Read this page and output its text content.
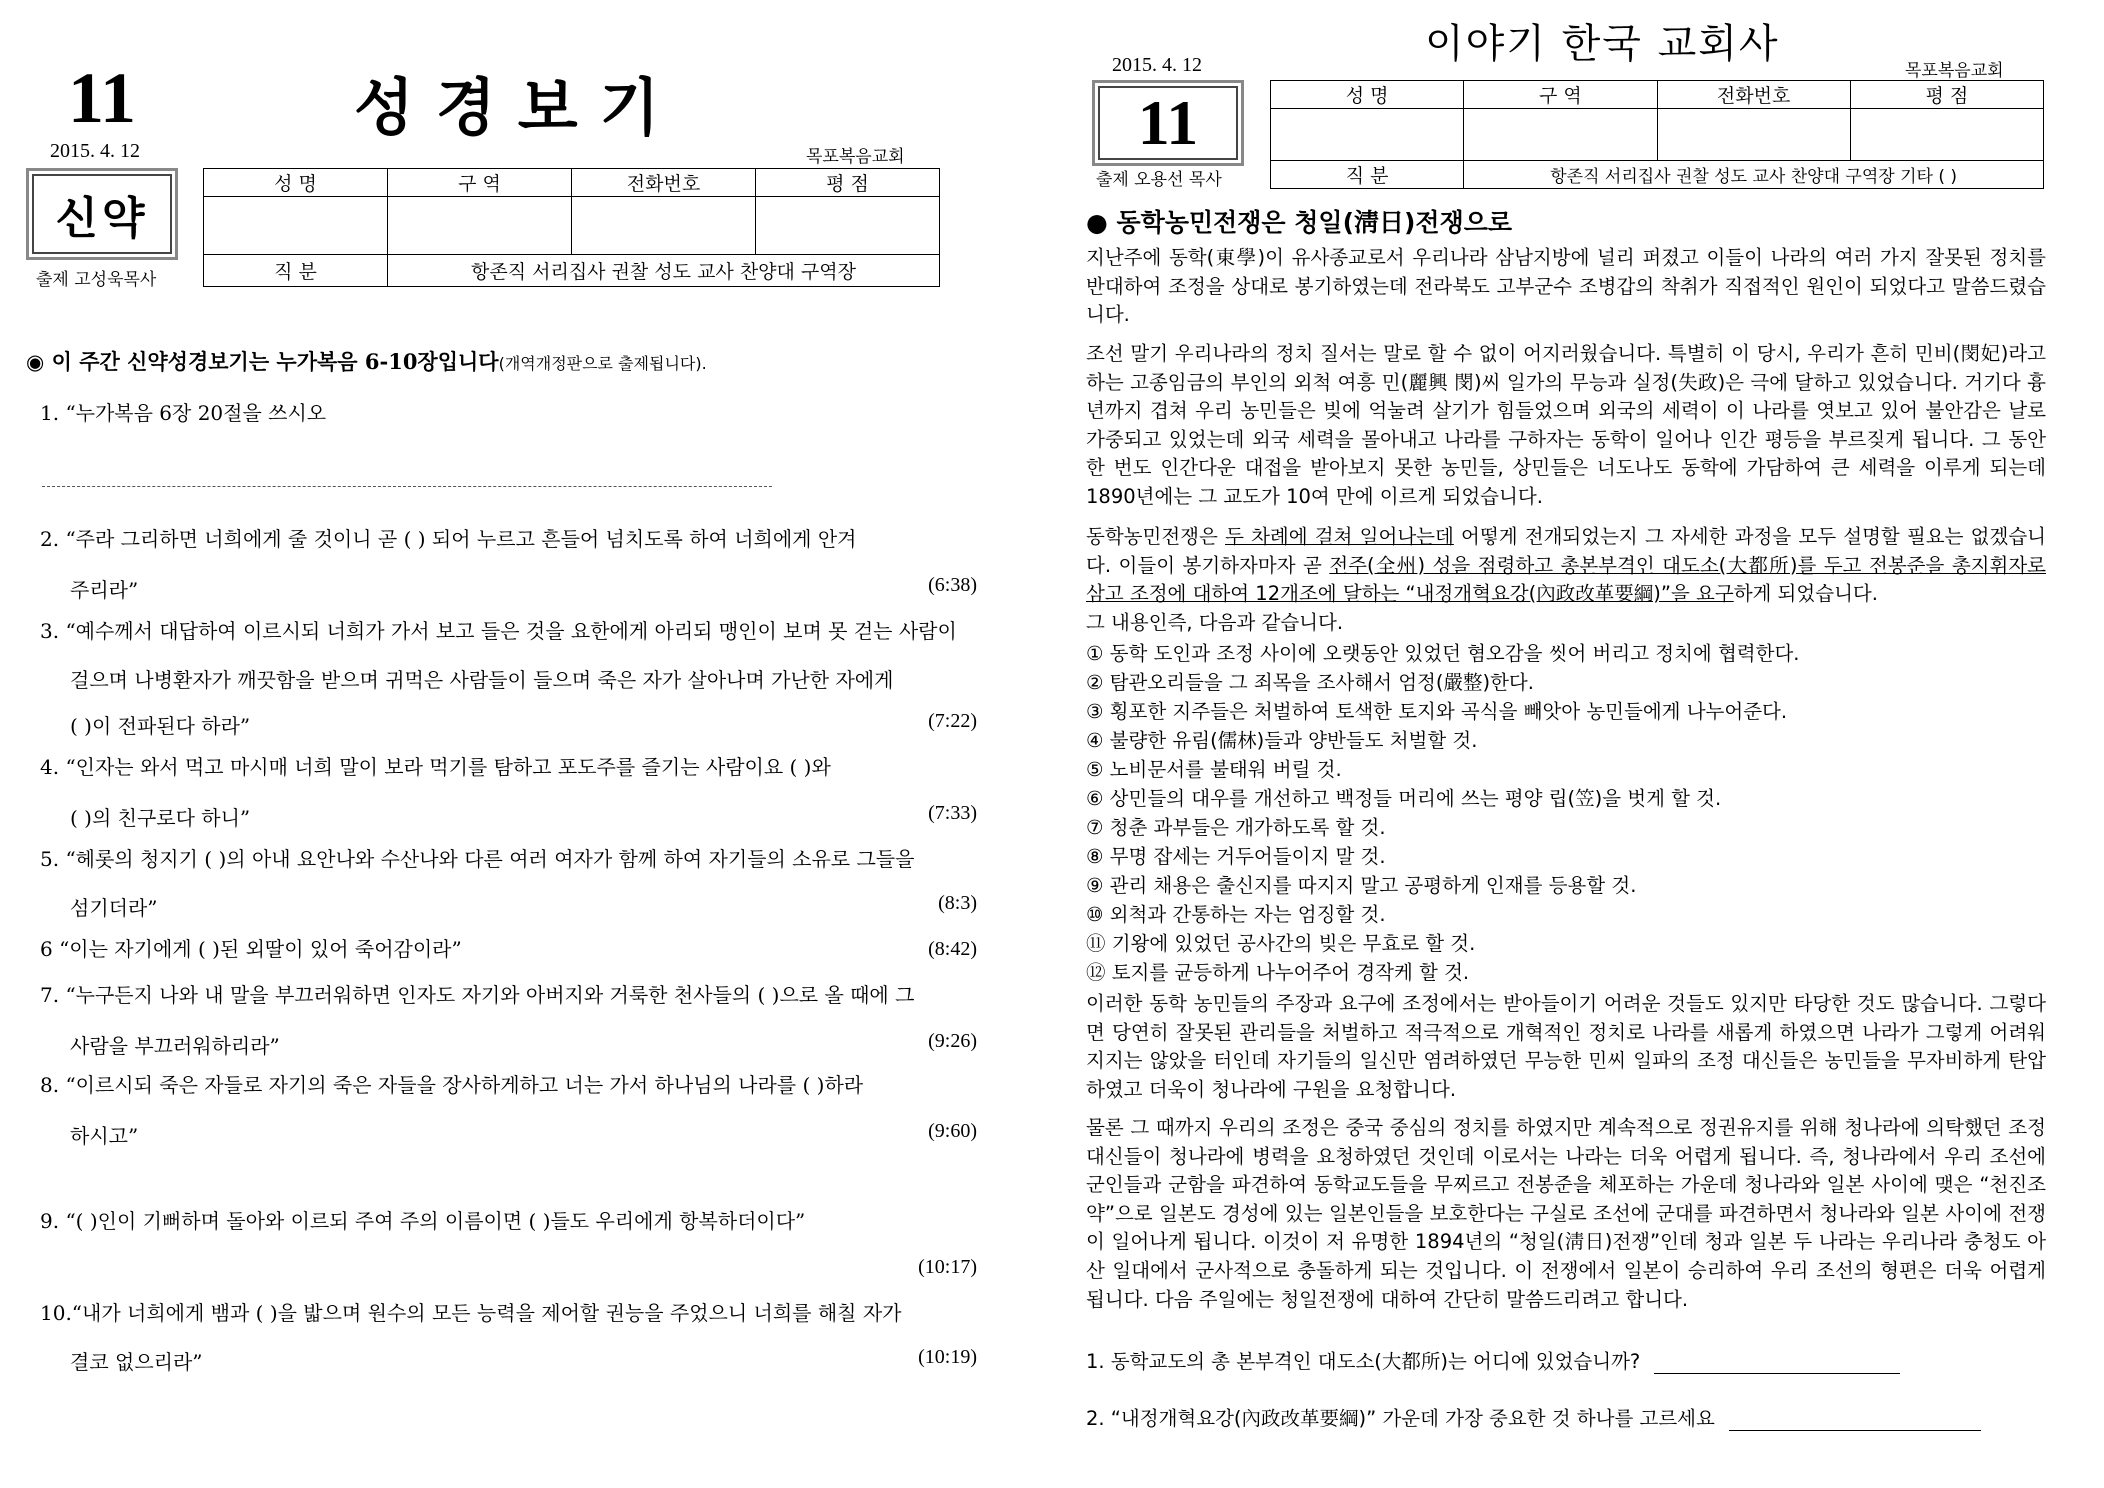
11	성경보기
2015. 4. 12	목포복음교회
신약
출제 고성욱목사
성 명	구 역	전화번호	평 점

직 분	항존직 서리집사 권찰 성도 교사 찬양대 구역장		
◉ 이 주간 신약성경보기는 누가복음 6-10장입니다(개역개정판으로 출제됩니다).
1. “누가복음 6장 20절을 쓰시오
2. “주라 그리하면 너희에게 줄 것이니 곧 ( ) 되어 누르고 흔들어 넘치도록 하여 너희에게 안겨
주리라”	(6:38)
3. “예수께서 대답하여 이르시되 너희가 가서 보고 들은 것을 요한에게 아리되 맹인이 보며 못 걷는 사람이
걸으며 나병환자가 깨끗함을 받으며 귀먹은 사람들이 들으며 죽은 자가 살아나며 가난한 자에게
( )이 전파된다 하라”	(7:22)
4. “인자는 와서 먹고 마시매 너희 말이 보라 먹기를 탐하고 포도주를 즐기는 사람이요 ( )와
( )의 친구로다 하니”	(7:33)
5. “헤롯의 청지기 ( )의 아내 요안나와 수산나와 다른 여러 여자가 함께 하여 자기들의 소유로 그들을
섬기더라”	(8:3)
6 “이는 자기에게 ( )된 외딸이 있어 죽어감이라”	(8:42)
7. “누구든지 나와 내 말을 부끄러워하면 인자도 자기와 아버지와 거룩한 천사들의 ( )으로 올 때에 그
사람을 부끄러워하리라”	(9:26)
8. “이르시되 죽은 자들로 자기의 죽은 자들을 장사하게하고 너는 가서 하나님의 나라를 ( )하라
하시고”	(9:60)
9. “( )인이 기뻐하며 돌아와 이르되 주여 주의 이름이면 ( )들도 우리에게 항복하더이다”
(10:17)
10.“내가 너희에게 뱀과 ( )을 밟으며 원수의 모든 능력을 제어할 권능을 주었으니 너희를 해칠 자가
결코 없으리라”	(10:19)
이야기 한국 교회사
2015. 4. 12	목포복음교회
11
출제 오용선 목사
성 명	구 역	전화번호	평 점

직 분	항존직 서리집사 권찰 성도 교사 찬양대 구역장 기타 ( )		
● 동학농민전쟁은 청일(淸日)전쟁으로
지난주에 동학(東學)이 유사종교로서 우리나라 삼남지방에 널리 퍼졌고 이들이 나라의 여러 가지 잘못된 정치를 반대하여 조정을 상대로 봉기하였는데 전라북도 고부군수 조병갑의 착취가 직접적인 원인이 되었다고 말씀드렸습니다.
조선 말기 우리나라의 정치 질서는 말로 할 수 없이 어지러웠습니다. 특별히 이 당시, 우리가 흔히 민비(閔妃)라고 하는 고종임금의 부인의 외척 여흥 민(麗興 閔)씨 일가의 무능과 실정(失政)은 극에 달하고 있었습니다. 거기다 흉년까지 겹쳐 우리 농민들은 빚에 억눌려 살기가 힘들었으며 외국의 세력이 이 나라를 엿보고 있어 불안감은 날로 가중되고 있었는데 외국 세력을 몰아내고 나라를 구하자는 동학이 일어나 인간 평등을 부르짖게 됩니다. 그 동안 한 번도 인간다운 대접을 받아보지 못한 농민들, 상민들은 너도나도 동학에 가담하여 큰 세력을 이루게 되는데 1890년에는 그 교도가 10여 만에 이르게 되었습니다.
동학농민전쟁은 두 차례에 걸쳐 일어나는데 어떻게 전개되었는지 그 자세한 과정을 모두 설명할 필요는 없겠습니다. 이들이 봉기하자마자 곧 전주(全州) 성을 점령하고 총본부격인 대도소(大都所)를 두고 전봉준을 총지휘자로 삼고 조정에 대하여 12개조에 달하는 “내정개혁요강(內政改革要綱)”을 요구하게 되었습니다.
그 내용인즉, 다음과 같습니다.
① 동학 도인과 조정 사이에 오랫동안 있었던 혐오감을 씻어 버리고 정치에 협력한다.
② 탐관오리들을 그 죄목을 조사해서 엄정(嚴整)한다.
③ 횡포한 지주들은 처벌하여 토색한 토지와 곡식을 빼앗아 농민들에게 나누어준다.
④ 불량한 유림(儒林)들과 양반들도 처벌할 것.
⑤ 노비문서를 불태워 버릴 것.
⑥ 상민들의 대우를 개선하고 백정들 머리에 쓰는 평양 립(笠)을 벗게 할 것.
⑦ 청춘 과부들은 개가하도록 할 것.
⑧ 무명 잡세는 거두어들이지 말 것.
⑨ 관리 채용은 출신지를 따지지 말고 공평하게 인재를 등용할 것.
⑩ 외척과 간통하는 자는 엄징할 것.
⑪ 기왕에 있었던 공사간의 빚은 무효로 할 것.
⑫ 토지를 균등하게 나누어주어 경작케 할 것.
이러한 동학 농민들의 주장과 요구에 조정에서는 받아들이기 어려운 것들도 있지만 타당한 것도 많습니다. 그렇다면 당연히 잘못된 관리들을 처벌하고 적극적으로 개혁적인 정치로 나라를 새롭게 하였으면 나라가 그렇게 어려워지지는 않았을 터인데 자기들의 일신만 염려하였던 무능한 민씨 일파의 조정 대신들은 농민들을 무자비하게 탄압하였고 더욱이 청나라에 구원을 요청합니다.
물론 그 때까지 우리의 조정은 중국 중심의 정치를 하였지만 계속적으로 정권유지를 위해 청나라에 의탁했던 조정대신들이 청나라에 병력을 요청하였던 것인데 이로서는 나라는 더욱 어렵게 됩니다. 즉, 청나라에서 우리 조선에 군인들과 군함을 파견하여 동학교도들을 무찌르고 전봉준을 체포하는 가운데 청나라와 일본 사이에 맺은 “천진조약”으로 일본도 경성에 있는 일본인들을 보호한다는 구실로 조선에 군대를 파견하면서 청나라와 일본 사이에 전쟁이 일어나게 됩니다. 이것이 저 유명한 1894년의 “청일(淸日)전쟁”인데 청과 일본 두 나라는 우리나라 충청도 아산 일대에서 군사적으로 충돌하게 되는 것입니다. 이 전쟁에서 일본이 승리하여 우리 조선의 형편은 더욱 어렵게 됩니다. 다음 주일에는 청일전쟁에 대하여 간단히 말씀드리려고 합니다.
1. 동학교도의 총 본부격인 대도소(大都所)는 어디에 있었습니까?
2. “내정개혁요강(內政改革要綱)” 가운데 가장 중요한 것 하나를 고르세요
